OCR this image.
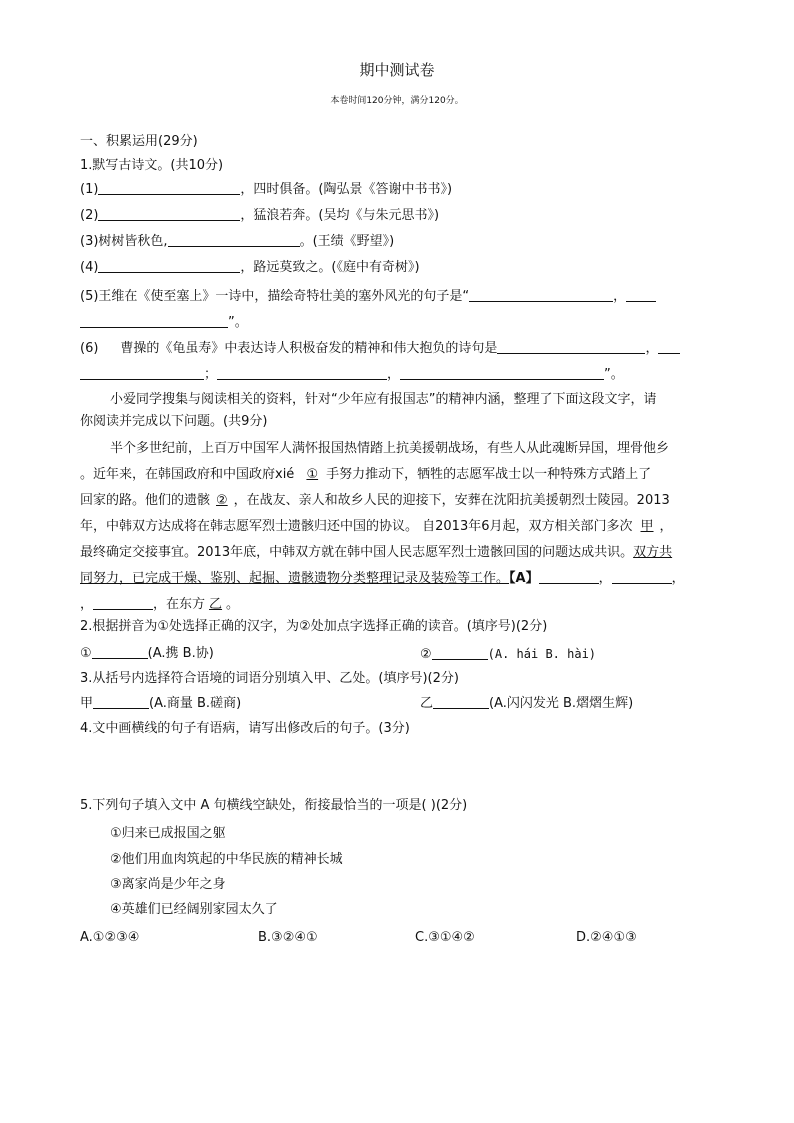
期中测试卷
本卷时间120分钟，满分120分。
一、积累运用(29分)
1.默写古诗文。(共10分)
(1)	，四时俱备。(陶弘景《答谢中书书》)
(2)	，猛浪若奔。(吴均《与朱元思书》)
(3)树树皆秋色,	。(王绩《野望》)
(4)	，路远莫致之。(《庭中有奇树》)
(5)王维在《使至塞上》一诗中，描绘奇特壮美的塞外风光的句子是“	，
”。
(6) 曹操的《龟虽寿》中表达诗人积极奋发的精神和伟大抱负的诗句是	，
；	，	”。
小爱同学搜集与阅读相关的资料，针对“少年应有报国志”的精神内涵，整理了下面这段文字，请
你阅读并完成以下问题。(共9分)
半个多世纪前，上百万中国军人满怀报国热情踏上抗美援朝战场，有些人从此魂断异国，埋骨他乡
。近年来，在韩国政府和中国政府xié ① 手努力推动下，牺牲的志愿军战士以一种特殊方式踏上了
回家的路。他们的遗骸 ② ，在战友、亲人和故乡人民的迎接下，安葬在沈阳抗美援朝烈士陵园。2013
年，中韩双方达成将在韩志愿军烈士遗骸归还中国的协议。 自2013年6月起，双方相关部门多次 甲 ，
最终确定交接事宜。2013年底，中韩双方就在韩中国人民志愿军烈士遗骸回国的问题达成共识。双方共
同努力，已完成干燥、鉴别、起掘、遗骸遗物分类整理记录及装殓等工作。【A】	，	，
，	，在东方 乙 。
2.根据拼音为①处选择正确的汉字，为②处加点字选择正确的读音。(填序号)(2分)
①	(A.携 B.协)	②	(A. hái B. hài)
3.从括号内选择符合语境的词语分别填入甲、乙处。(填序号)(2分)
甲	(A.商量 B.磋商)	乙	(A.闪闪发光 B.熠熠生辉)
4.文中画横线的句子有语病，请写出修改后的句子。(3分)
5.下列句子填入文中 A 句横线空缺处，衔接最恰当的一项是( )(2分)
①归来已成报国之躯
②他们用血肉筑起的中华民族的精神长城
③离家尚是少年之身
④英雄们已经阔别家园太久了
A.①②③④	B.③②④①	C.③①④②	D.②④①③
